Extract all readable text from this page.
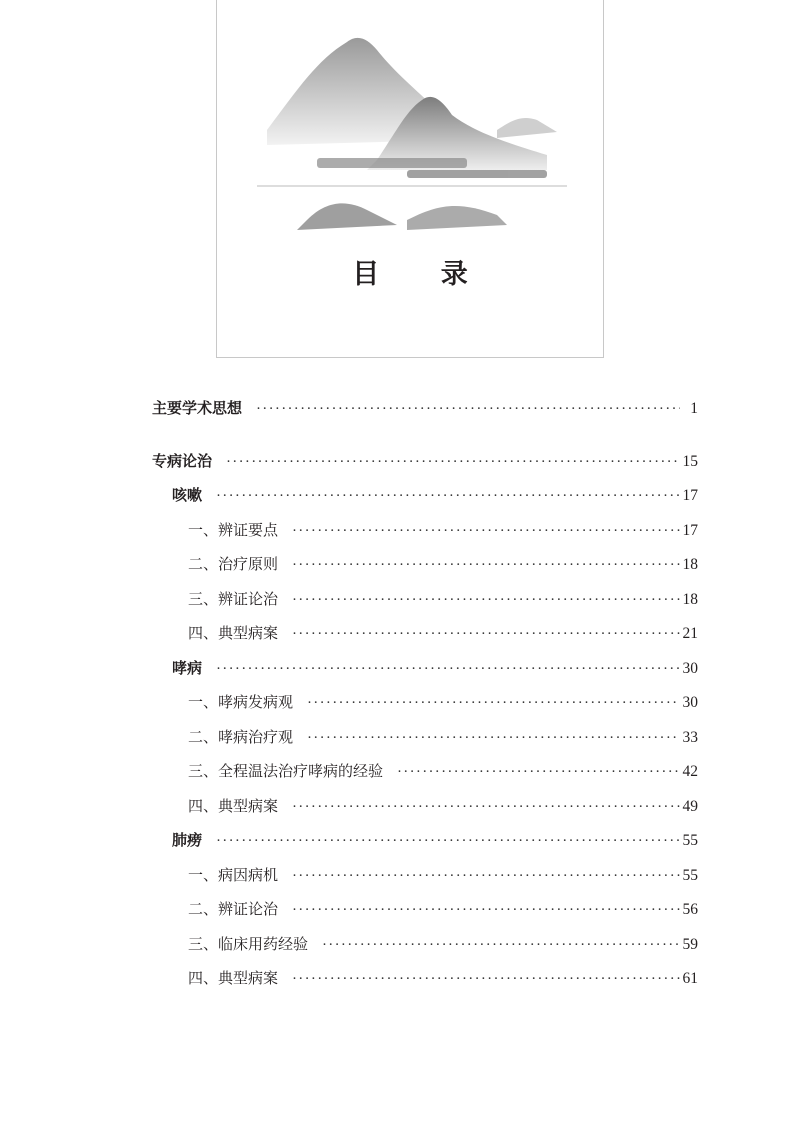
目 录
主要学术思想 ·····	1
专病论治 ·····	15
咳嗽 ·····	17
一、辨证要点 ·····	17
二、治疗原则 ·····	18
三、辨证论治 ·····	18
四、典型病案 ·····	21
哮病 ·····	30
一、哮病发病观 ·····	30
二、哮病治疗观 ·····	33
三、全程温法治疗哮病的经验 ·····	42
四、典型病案 ·····	49
肺痨 ·····	55
一、病因病机 ·····	55
二、辨证论治 ·····	56
三、临床用药经验 ·····	59
四、典型病案 ·····	61
